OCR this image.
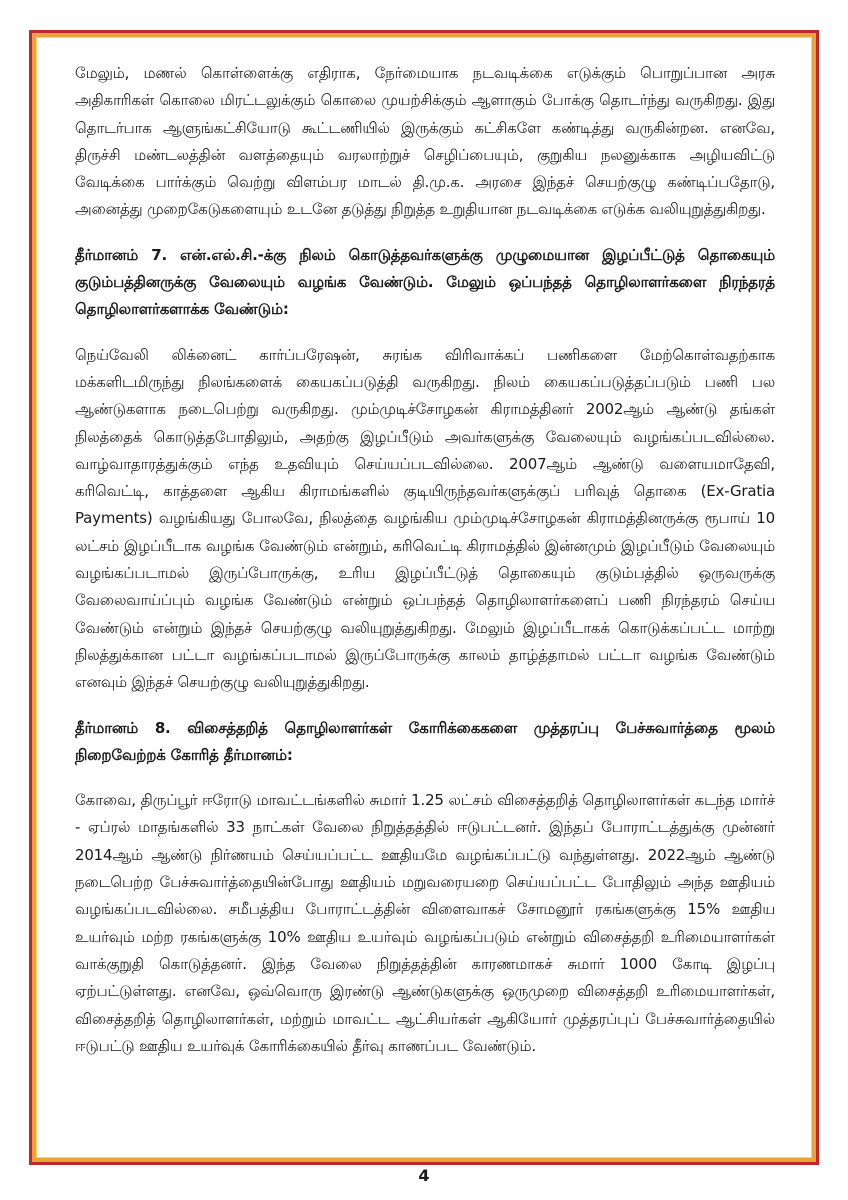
மேலும், மணல் கொள்ளைக்கு எதிராக, நேர்மையாக நடவடிக்கை எடுக்கும் பொறுப்பான அரசு அதிகாரிகள் கொலை மிரட்டலுக்கும் கொலை முயற்சிக்கும் ஆளாகும் போக்கு தொடர்ந்து வருகிறது. இது தொடர்பாக ஆளுங்கட்சியோடு கூட்டணியில் இருக்கும் கட்சிகளே கண்டித்து வருகின்றன. எனவே, திருச்சி மண்டலத்தின் வளத்தையும் வரலாற்றுச் செழிப்பையும், குறுகிய நலனுக்காக அழியவிட்டு வேடிக்கை பார்க்கும் வெற்று விளம்பர மாடல் தி.மு.க. அரசை இந்தச் செயற்குழு கண்டிப்பதோடு, அனைத்து முறைகேடுகளையும் உடனே தடுத்து நிறுத்த உறுதியான நடவடிக்கை எடுக்க வலியுறுத்துகிறது.

தீர்மானம் 7. என்.எல்.சி.-க்கு நிலம் கொடுத்தவர்களுக்கு முழுமையான இழப்பீட்டுத் தொகையும் குடும்பத்தினருக்கு வேலையும் வழங்க வேண்டும். மேலும் ஒப்பந்தத் தொழிலாளர்களை நிரந்தரத் தொழிலாளர்களாக்க வேண்டும்:

நெய்வேலி லிக்னைட் கார்ப்பரேஷன், சுரங்க விரிவாக்கப் பணிகளை மேற்கொள்வதற்காக மக்களிடமிருந்து நிலங்களைக் கையகப்படுத்தி வருகிறது. நிலம் கையகப்படுத்தப்படும் பணி பல ஆண்டுகளாக நடைபெற்று வருகிறது. மும்முடிச்சோழகன் கிராமத்தினர் 2002ஆம் ஆண்டு தங்கள் நிலத்தைக் கொடுத்தபோதிலும், அதற்கு இழப்பீடும் அவர்களுக்கு வேலையும் வழங்கப்படவில்லை. வாழ்வாதாரத்துக்கும் எந்த உதவியும் செய்யப்படவில்லை. 2007ஆம் ஆண்டு வளையமாதேவி, கரிவெட்டி, காத்தளை ஆகிய கிராமங்களில் குடியிருந்தவர்களுக்குப் பரிவுத் தொகை (Ex-Gratia Payments) வழங்கியது போலவே, நிலத்தை வழங்கிய மும்முடிச்சோழகன் கிராமத்தினருக்கு ரூபாய் 10 லட்சம் இழப்பீடாக வழங்க வேண்டும் என்றும், கரிவெட்டி கிராமத்தில் இன்னமும் இழப்பீடும் வேலையும் வழங்கப்படாமல் இருப்போருக்கு, உரிய இழப்பீட்டுத் தொகையும் குடும்பத்தில் ஒருவருக்கு வேலைவாய்ப்பும் வழங்க வேண்டும் என்றும் ஒப்பந்தத் தொழிலாளர்களைப் பணி நிரந்தரம் செய்ய வேண்டும் என்றும் இந்தச் செயற்குழு வலியுறுத்துகிறது. மேலும் இழப்பீடாகக் கொடுக்கப்பட்ட மாற்று நிலத்துக்கான பட்டா வழங்கப்படாமல் இருப்போருக்கு காலம் தாழ்த்தாமல் பட்டா வழங்க வேண்டும் எனவும் இந்தச் செயற்குழு வலியுறுத்துகிறது.

தீர்மானம் 8. விசைத்தறித் தொழிலாளர்கள் கோரிக்கைகளை முத்தரப்பு பேச்சுவார்த்தை மூலம் நிறைவேற்றக் கோரித் தீர்மானம்:

கோவை, திருப்பூர் ஈரோடு மாவட்டங்களில் சுமார் 1.25 லட்சம் விசைத்தறித் தொழிலாளர்கள் கடந்த மார்ச் - ஏப்ரல் மாதங்களில் 33 நாட்கள் வேலை நிறுத்தத்தில் ஈடுபட்டனர். இந்தப் போராட்டத்துக்கு முன்னர் 2014ஆம் ஆண்டு நிர்ணயம் செய்யப்பட்ட ஊதியமே வழங்கப்பட்டு வந்துள்ளது. 2022ஆம் ஆண்டு நடைபெற்ற பேச்சுவார்த்தையின்போது ஊதியம் மறுவரையறை செய்யப்பட்ட போதிலும் அந்த ஊதியம் வழங்கப்படவில்லை. சமீபத்திய போராட்டத்தின் விளைவாகச் சோமனூர் ரகங்களுக்கு 15% ஊதிய உயர்வும் மற்ற ரகங்களுக்கு 10% ஊதிய உயர்வும் வழங்கப்படும் என்றும் விசைத்தறி உரிமையாளர்கள் வாக்குறுதி கொடுத்தனர். இந்த வேலை நிறுத்தத்தின் காரணமாகச் சுமார் 1000 கோடி இழப்பு ஏற்பட்டுள்ளது. எனவே, ஒவ்வொரு இரண்டு ஆண்டுகளுக்கு ஒருமுறை விசைத்தறி உரிமையாளர்கள், விசைத்தறித் தொழிலாளர்கள், மற்றும் மாவட்ட ஆட்சியர்கள் ஆகியோர் முத்தரப்புப் பேச்சுவார்த்தையில் ஈடுபட்டு ஊதிய உயர்வுக் கோரிக்கையில் தீர்வு காணப்பட வேண்டும்.

4
